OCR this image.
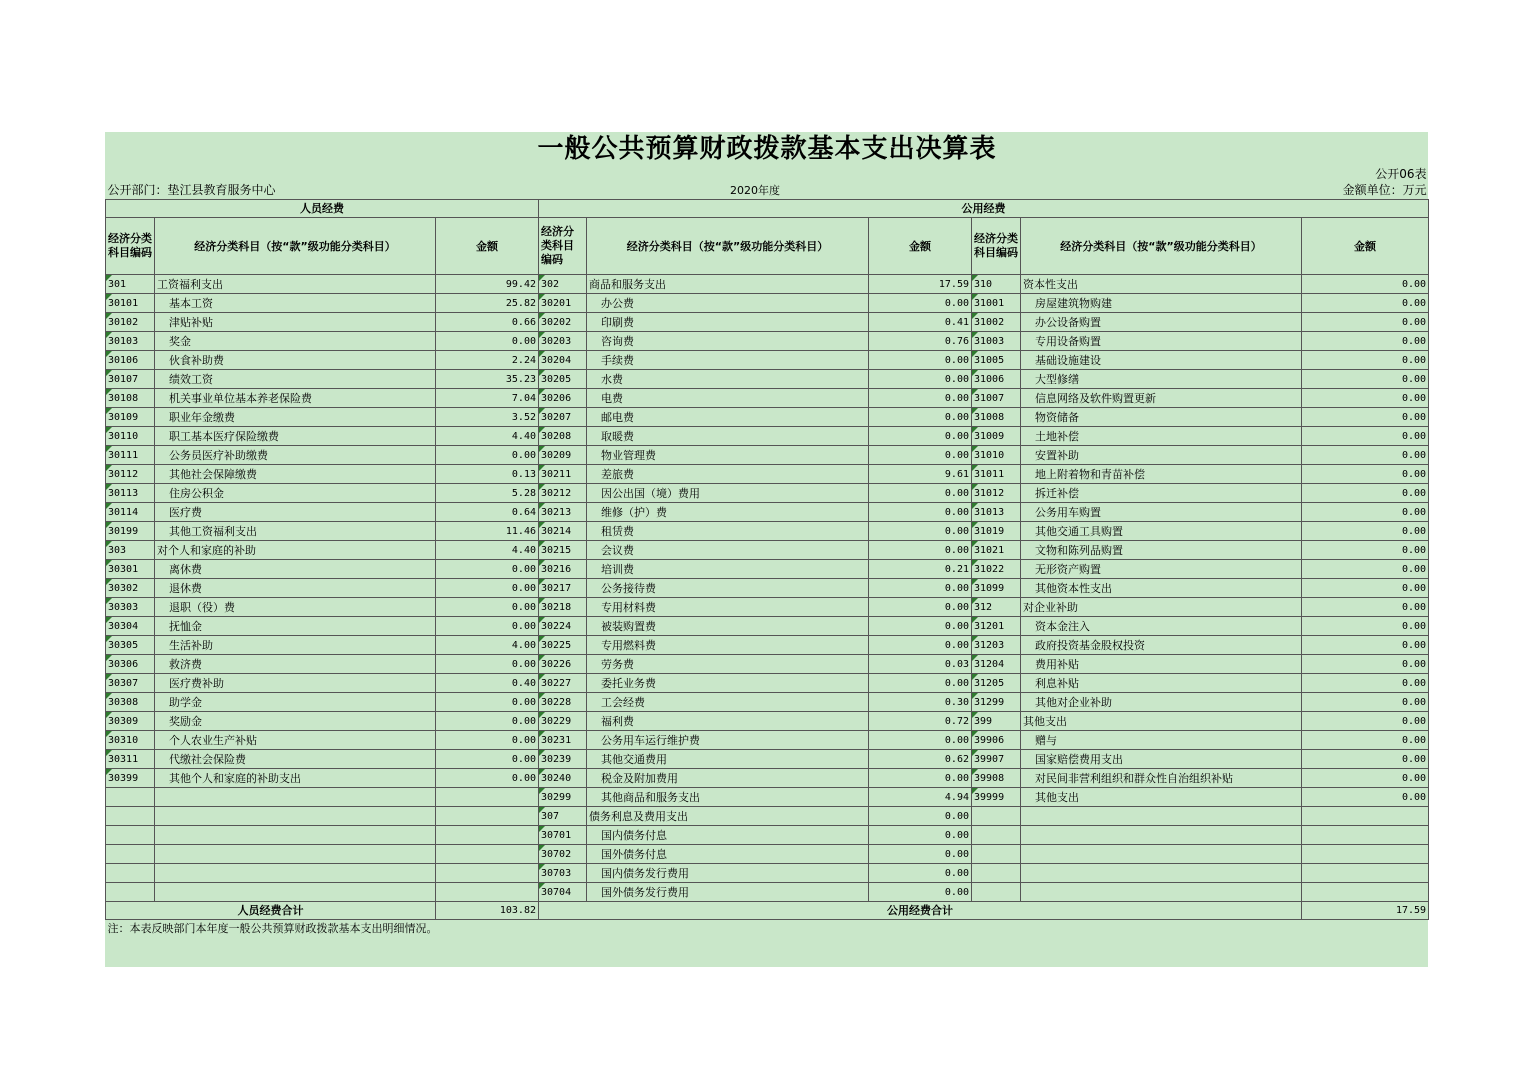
一般公共预算财政拨款基本支出决算表								
公开06表								
公开部门：垫江县教育服务中心			2020年度			金额单位：万元		
人员经费			公用经费					
经济分类科目编码	经济分类科目（按“款”级功能分类科目）	金额	经济分类科目编码	经济分类科目（按“款”级功能分类科目）	金额	经济分类科目编码	经济分类科目（按“款”级功能分类科目）	金额
301	工资福利支出	99.42	302	商品和服务支出	17.59	310	资本性支出	0.00
30101	基本工资	25.82	30201	办公费	0.00	31001	房屋建筑物购建	0.00
30102	津贴补贴	0.66	30202	印刷费	0.41	31002	办公设备购置	0.00
30103	奖金	0.00	30203	咨询费	0.76	31003	专用设备购置	0.00
30106	伙食补助费	2.24	30204	手续费	0.00	31005	基础设施建设	0.00
30107	绩效工资	35.23	30205	水费	0.00	31006	大型修缮	0.00
30108	机关事业单位基本养老保险费	7.04	30206	电费	0.00	31007	信息网络及软件购置更新	0.00
30109	职业年金缴费	3.52	30207	邮电费	0.00	31008	物资储备	0.00
30110	职工基本医疗保险缴费	4.40	30208	取暖费	0.00	31009	土地补偿	0.00
30111	公务员医疗补助缴费	0.00	30209	物业管理费	0.00	31010	安置补助	0.00
30112	其他社会保障缴费	0.13	30211	差旅费	9.61	31011	地上附着物和青苗补偿	0.00
30113	住房公积金	5.28	30212	因公出国（境）费用	0.00	31012	拆迁补偿	0.00
30114	医疗费	0.64	30213	维修（护）费	0.00	31013	公务用车购置	0.00
30199	其他工资福利支出	11.46	30214	租赁费	0.00	31019	其他交通工具购置	0.00
303	对个人和家庭的补助	4.40	30215	会议费	0.00	31021	文物和陈列品购置	0.00
30301	离休费	0.00	30216	培训费	0.21	31022	无形资产购置	0.00
30302	退休费	0.00	30217	公务接待费	0.00	31099	其他资本性支出	0.00
30303	退职（役）费	0.00	30218	专用材料费	0.00	312	对企业补助	0.00
30304	抚恤金	0.00	30224	被装购置费	0.00	31201	资本金注入	0.00
30305	生活补助	4.00	30225	专用燃料费	0.00	31203	政府投资基金股权投资	0.00
30306	救济费	0.00	30226	劳务费	0.03	31204	费用补贴	0.00
30307	医疗费补助	0.40	30227	委托业务费	0.00	31205	利息补贴	0.00
30308	助学金	0.00	30228	工会经费	0.30	31299	其他对企业补助	0.00
30309	奖励金	0.00	30229	福利费	0.72	399	其他支出	0.00
30310	个人农业生产补贴	0.00	30231	公务用车运行维护费	0.00	39906	赠与	0.00
30311	代缴社会保险费	0.00	30239	其他交通费用	0.62	39907	国家赔偿费用支出	0.00
30399	其他个人和家庭的补助支出	0.00	30240	税金及附加费用	0.00	39908	对民间非营利组织和群众性自治组织补贴	0.00
			30299	其他商品和服务支出	4.94	39999	其他支出	0.00
			307	债务利息及费用支出	0.00			
			30701	国内债务付息	0.00			
			30702	国外债务付息	0.00			
			30703	国内债务发行费用	0.00			
			30704	国外债务发行费用	0.00			
人员经费合计		103.82	公用经费合计					17.59
注：本表反映部门本年度一般公共预算财政拨款基本支出明细情况。								
